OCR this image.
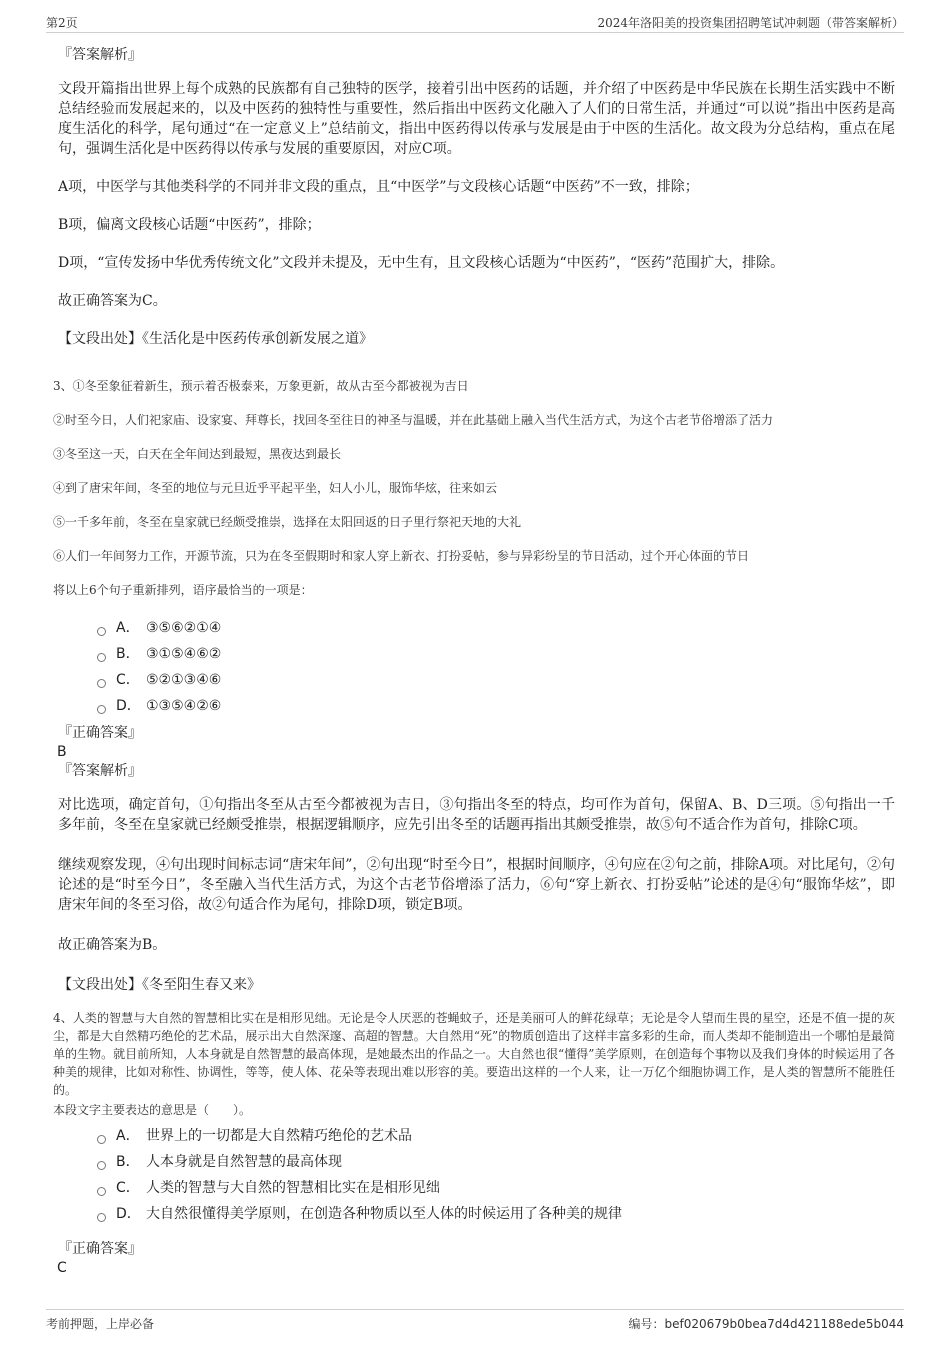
第2页	2024年洛阳美的投资集团招聘笔试冲刺题（带答案解析）
『答案解析』

文段开篇指出世界上每个成熟的民族都有自己独特的医学，接着引出中医药的话题，并介绍了中医药是中华民族在长期生活实践中不断总结经验而发展起来的，以及中医药的独特性与重要性，然后指出中医药文化融入了人们的日常生活，并通过“可以说”指出中医药是高度生活化的科学，尾句通过“在一定意义上”总结前文，指出中医药得以传承与发展是由于中医的生活化。故文段为分总结构，重点在尾句，强调生活化是中医药得以传承与发展的重要原因，对应C项。

A项，中医学与其他类科学的不同并非文段的重点，且“中医学”与文段核心话题“中医药”不一致，排除；

B项，偏离文段核心话题“中医药”，排除；

D项，“宣传发扬中华优秀传统文化”文段并未提及，无中生有，且文段核心话题为“中医药”，“医药”范围扩大，排除。

故正确答案为C。

【文段出处】《生活化是中医药传承创新发展之道》

3、①冬至象征着新生，预示着否极泰来，万象更新，故从古至今都被视为吉日

②时至今日，人们祀家庙、设家宴、拜尊长，找回冬至往日的神圣与温暖，并在此基础上融入当代生活方式，为这个古老节俗增添了活力

③冬至这一天，白天在全年间达到最短，黑夜达到最长

④到了唐宋年间，冬至的地位与元旦近乎平起平坐，妇人小儿，服饰华炫，往来如云

⑤一千多年前，冬至在皇家就已经颇受推崇，选择在太阳回返的日子里行祭祀天地的大礼

⑥人们一年间努力工作，开源节流，只为在冬至假期时和家人穿上新衣、打扮妥帖，参与异彩纷呈的节日活动，过个开心体面的节日

将以上6个句子重新排列，语序最恰当的一项是：

A． ③⑤⑥②①④
B． ③①⑤④⑥②
C． ⑤②①③④⑥
D． ①③⑤④②⑥
『正确答案』
B
『答案解析』

对比选项，确定首句，①句指出冬至从古至今都被视为吉日，③句指出冬至的特点，均可作为首句，保留A、B、D三项。⑤句指出一千多年前，冬至在皇家就已经颇受推崇，根据逻辑顺序，应先引出冬至的话题再指出其颇受推崇，故⑤句不适合作为首句，排除C项。

继续观察发现，④句出现时间标志词“唐宋年间”，②句出现“时至今日”，根据时间顺序，④句应在②句之前，排除A项。对比尾句，②句论述的是“时至今日”，冬至融入当代生活方式，为这个古老节俗增添了活力，⑥句“穿上新衣、打扮妥帖”论述的是④句“服饰华炫”，即唐宋年间的冬至习俗，故②句适合作为尾句，排除D项，锁定B项。

故正确答案为B。

【文段出处】《冬至阳生春又来》

4、人类的智慧与大自然的智慧相比实在是相形见绌。无论是令人厌恶的苍蝇蚊子，还是美丽可人的鲜花绿草；无论是令人望而生畏的星空，还是不值一提的灰尘，都是大自然精巧绝伦的艺术品，展示出大自然深邃、高超的智慧。大自然用“死”的物质创造出了这样丰富多彩的生命，而人类却不能制造出一个哪怕是最简单的生物。就目前所知，人本身就是自然智慧的最高体现，是她最杰出的作品之一。大自然也很“懂得”美学原则，在创造每个事物以及我们身体的时候运用了各种美的规律，比如对称性、协调性，等等，使人体、花朵等表现出难以形容的美。要造出这样的一个人来，让一万亿个细胞协调工作，是人类的智慧所不能胜任的。

本段文字主要表达的意思是（　　）。

A． 世界上的一切都是大自然精巧绝伦的艺术品
B． 人本身就是自然智慧的最高体现
C． 人类的智慧与大自然的智慧相比实在是相形见绌
D． 大自然很懂得美学原则，在创造各种物质以至人体的时候运用了各种美的规律
『正确答案』
C
考前押题，上岸必备	编号：bef020679b0bea7d4d421188ede5b044
